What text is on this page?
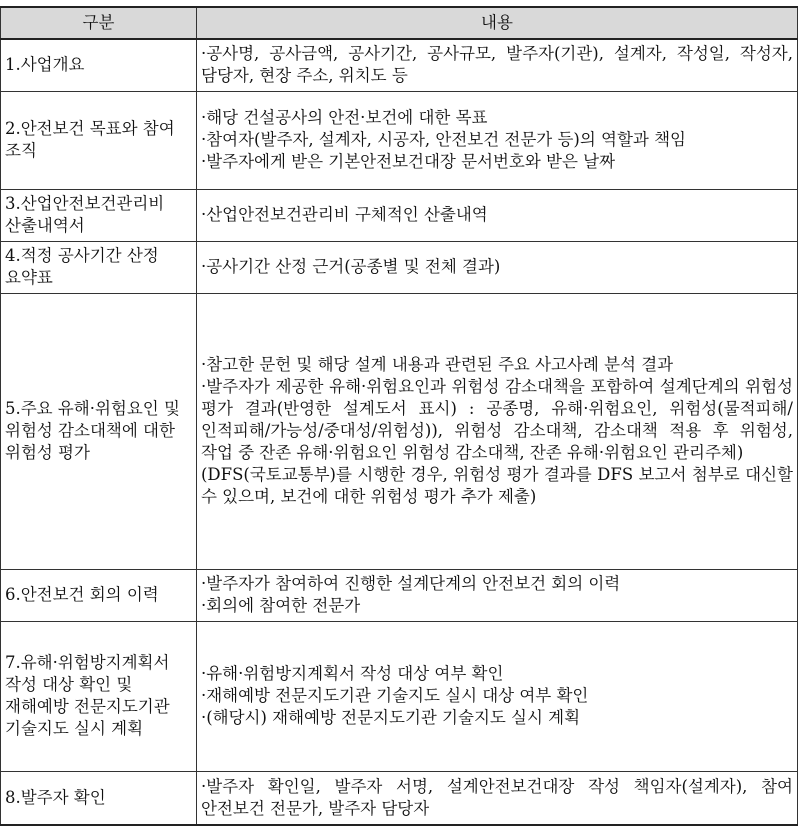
구분	내용
1.사업개요	·공사명, 공사금액, 공사기간, 공사규모, 발주자(기관), 설계자, 작성일, 작성자, 담당자, 현장 주소, 위치도 등

2.안전보건 목표와 참여 조직	·해당 건설공사의 안전·보건에 대한 목표
·참여자(발주자, 설계자, 시공자, 안전보건 전문가 등)의 역할과 책임
·발주자에게 받은 기본안전보건대장 문서번호와 받은 날짜

3.산업안전보건관리비 산출내역서	·산업안전보건관리비 구체적인 산출내역

4.적정 공사기간 산정 요약표	·공사기간 산정 근거(공종별 및 전체 결과)

5.주요 유해·위험요인 및 위험성 감소대책에 대한 위험성 평가	·참고한 문헌 및 해당 설계 내용과 관련된 주요 사고사례 분석 결과
·발주자가 제공한 유해·위험요인과 위험성 감소대책을 포함하여 설계단계의 위험성 평가 결과(반영한 설계도서 표시) : 공종명, 유해·위험요인, 위험성(물적피해/인적피해/가능성/중대성/위험성)), 위험성 감소대책, 감소대책 적용 후 위험성, 작업 중 잔존 유해·위험요인 위험성 감소대책, 잔존 유해·위험요인 관리주체)
(DFS(국토교통부)를 시행한 경우, 위험성 평가 결과를 DFS 보고서 첨부로 대신할 수 있으며, 보건에 대한 위험성 평가 추가 제출)

6.안전보건 회의 이력	·발주자가 참여하여 진행한 설계단계의 안전보건 회의 이력
·회의에 참여한 전문가

7.유해·위험방지계획서 작성 대상 확인 및 재해예방 전문지도기관 기술지도 실시 계획	·유해·위험방지계획서 작성 대상 여부 확인
·재해예방 전문지도기관 기술지도 실시 대상 여부 확인
·(해당시) 재해예방 전문지도기관 기술지도 실시 계획

8.발주자 확인	·발주자 확인일, 발주자 서명, 설계안전보건대장 작성 책임자(설계자), 참여 안전보건 전문가, 발주자 담당자
